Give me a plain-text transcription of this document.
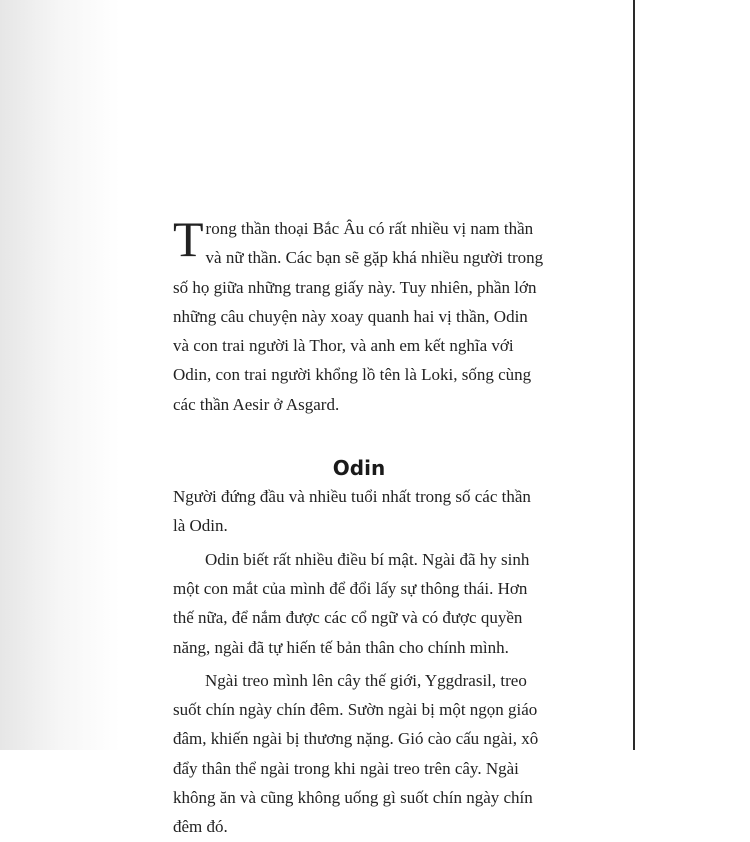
Trong thần thoại Bắc Âu có rất nhiều vị nam thần và nữ thần. Các bạn sẽ gặp khá nhiều người trong số họ giữa những trang giấy này. Tuy nhiên, phần lớn những câu chuyện này xoay quanh hai vị thần, Odin và con trai người là Thor, và anh em kết nghĩa với Odin, con trai người khổng lồ tên là Loki, sống cùng các thần Aesir ở Asgard.

Odin

Người đứng đầu và nhiều tuổi nhất trong số các thần là Odin.

Odin biết rất nhiều điều bí mật. Ngài đã hy sinh một con mắt của mình để đổi lấy sự thông thái. Hơn thế nữa, để nắm được các cổ ngữ và có được quyền năng, ngài đã tự hiến tế bản thân cho chính mình.

Ngài treo mình lên cây thế giới, Yggdrasil, treo suốt chín ngày chín đêm. Sườn ngài bị một ngọn giáo đâm, khiến ngài bị thương nặng. Gió cào cấu ngài, xô đẩy thân thể ngài trong khi ngài treo trên cây. Ngài không ăn và cũng không uống gì suốt chín ngày chín đêm đó.
